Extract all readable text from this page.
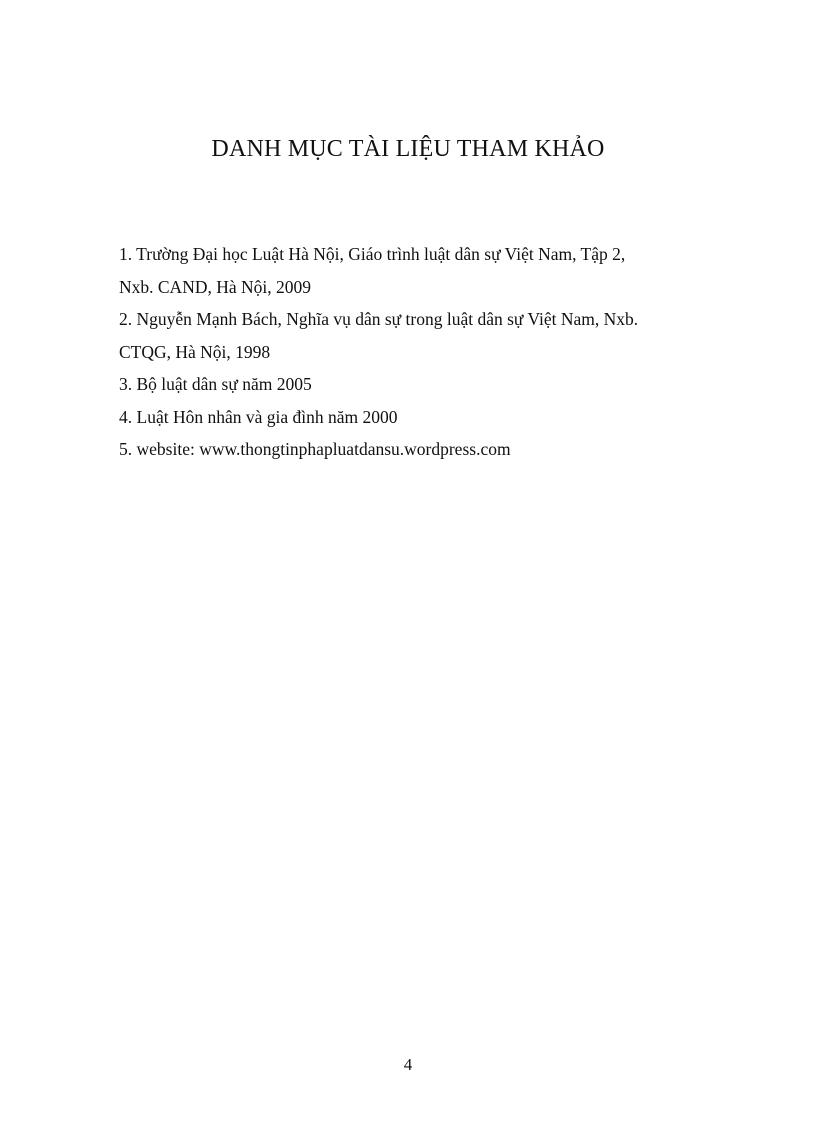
DANH MỤC TÀI LIỆU THAM KHẢO
1. Trường Đại học Luật Hà Nội, Giáo trình luật dân sự Việt Nam, Tập 2,
Nxb. CAND, Hà Nội, 2009
2. Nguyễn Mạnh Bách, Nghĩa vụ dân sự trong luật dân sự Việt Nam, Nxb.
CTQG, Hà Nội, 1998
3. Bộ luật dân sự năm 2005
4. Luật Hôn nhân và gia đình năm 2000
5. website: www.thongtinphapluatdansu.wordpress.com
4
